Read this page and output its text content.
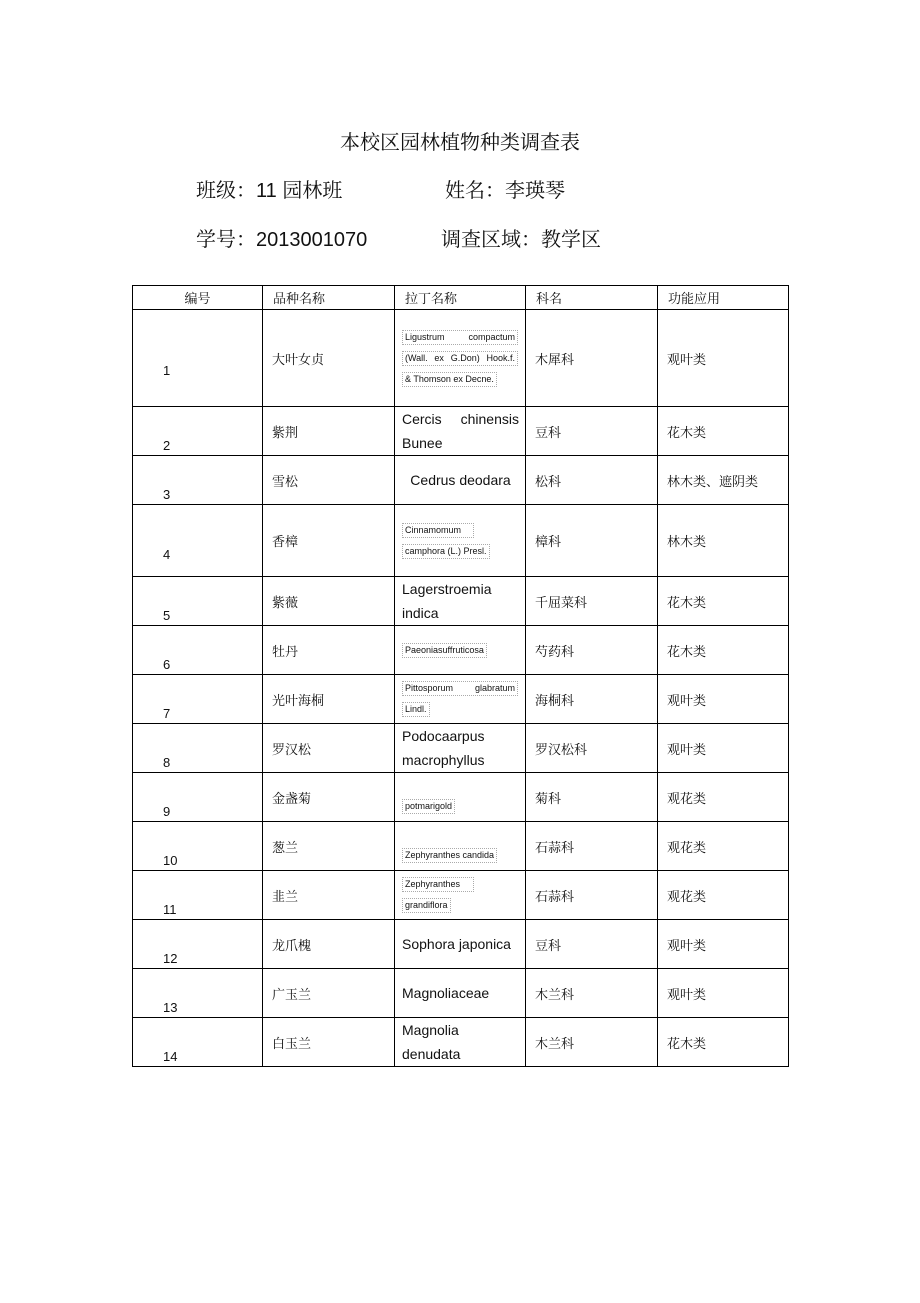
本校区园林植物种类调查表
班级：11 园林班	姓名：李瑛琴
学号：2013001070	调查区域：教学区
编号	品种名称	拉丁名称	科名	功能应用
1	大叶女贞	Ligustrum compactum
(Wall. ex G.Don) Hook.f.
& Thomson ex Decne.	木犀科	观叶类
2	紫荆	Cercis chinensis
Bunee	豆科	花木类
3	雪松	Cedrus deodara	松科	林木类、遮阴类
4	香樟	Cinnamomum
camphora (L.) Presl.	樟科	林木类
5	紫薇	Lagerstroemia
indica	千屈菜科	花木类
6	牡丹	Paeoniasuffruticosa	芍药科	花木类
7	光叶海桐	Pittosporum glabratum
Lindl.	海桐科	观叶类
8	罗汉松	Podocaarpus
macrophyllus	罗汉松科	观叶类
9	金盏菊	potmarigold	菊科	观花类
10	葱兰	Zephyranthes candida	石蒜科	观花类
11	韭兰	Zephyranthes
grandiflora	石蒜科	观花类
12	龙爪槐	Sophora japonica	豆科	观叶类
13	广玉兰	Magnoliaceae	木兰科	观叶类
14	白玉兰	Magnolia
denudata	木兰科	花木类
